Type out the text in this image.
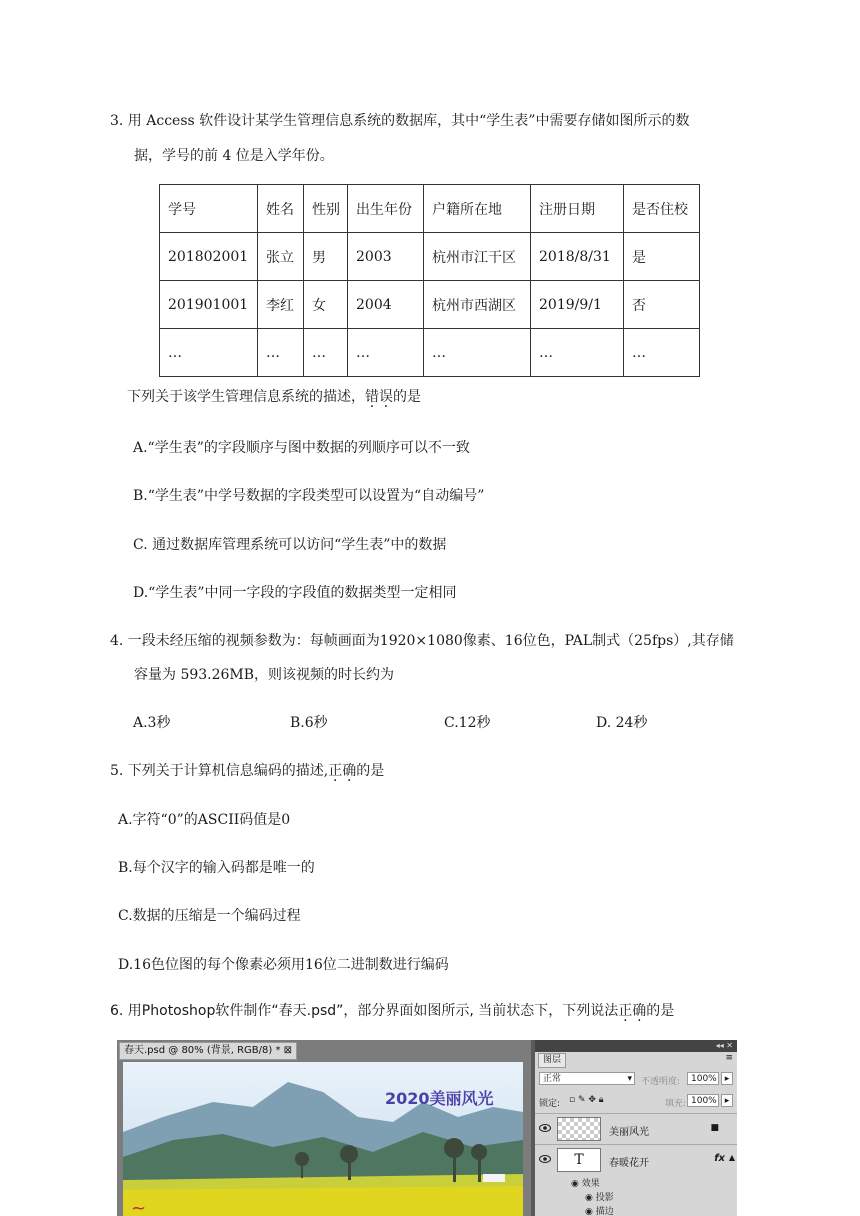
3. 用 Access 软件设计某学生管理信息系统的数据库，其中“学生表”中需要存储如图所示的数
据，学号的前 4 位是入学年份。
学号	姓名	性别	出生年份	户籍所在地	注册日期	是否住校
201802001	张立	男	2003	杭州市江干区	2018/8/31	是
201901001	李红	女	2004	杭州市西湖区	2019/9/1	否
…	…	…	…	…	…	…
下列关于该学生管理信息系统的描述，错误的是
A.“学生表”的字段顺序与图中数据的列顺序可以不一致
B.“学生表”中学号数据的字段类型可以设置为“自动编号”
C. 通过数据库管理系统可以访问“学生表”中的数据
D.“学生表”中同一字段的字段值的数据类型一定相同
4. 一段未经压缩的视频参数为：每帧画面为1920×1080像素、16位色，PAL制式（25fps）,其存储
容量为 593.26MB，则该视频的时长约为
A.3秒	B.6秒	C.12秒	D. 24秒
5. 下列关于计算机信息编码的描述,正确的是
A.字符“0”的ASCII码值是0
B.每个汉字的输入码都是唯一的
C.数据的压缩是一个编码过程
D.16色位图的每个像素必须用16位二进制数进行编码
6. 用Photoshop软件制作“春天.psd”，部分界面如图所示, 当前状态下，下列说法正确的是
春天.psd @ 80% (背景, RGB/8) * ⊠
~
2020美丽风光
◂◂ ✕
图层	≡
正常	▾ 不透明度:	100% ▸
锁定: ▫ ✎ ✥ 🔒︎	填充: 100% ▸
美丽风光	■
T	春暖花开	fx ▲
◉ 效果
◉ 投影
◉ 描边
